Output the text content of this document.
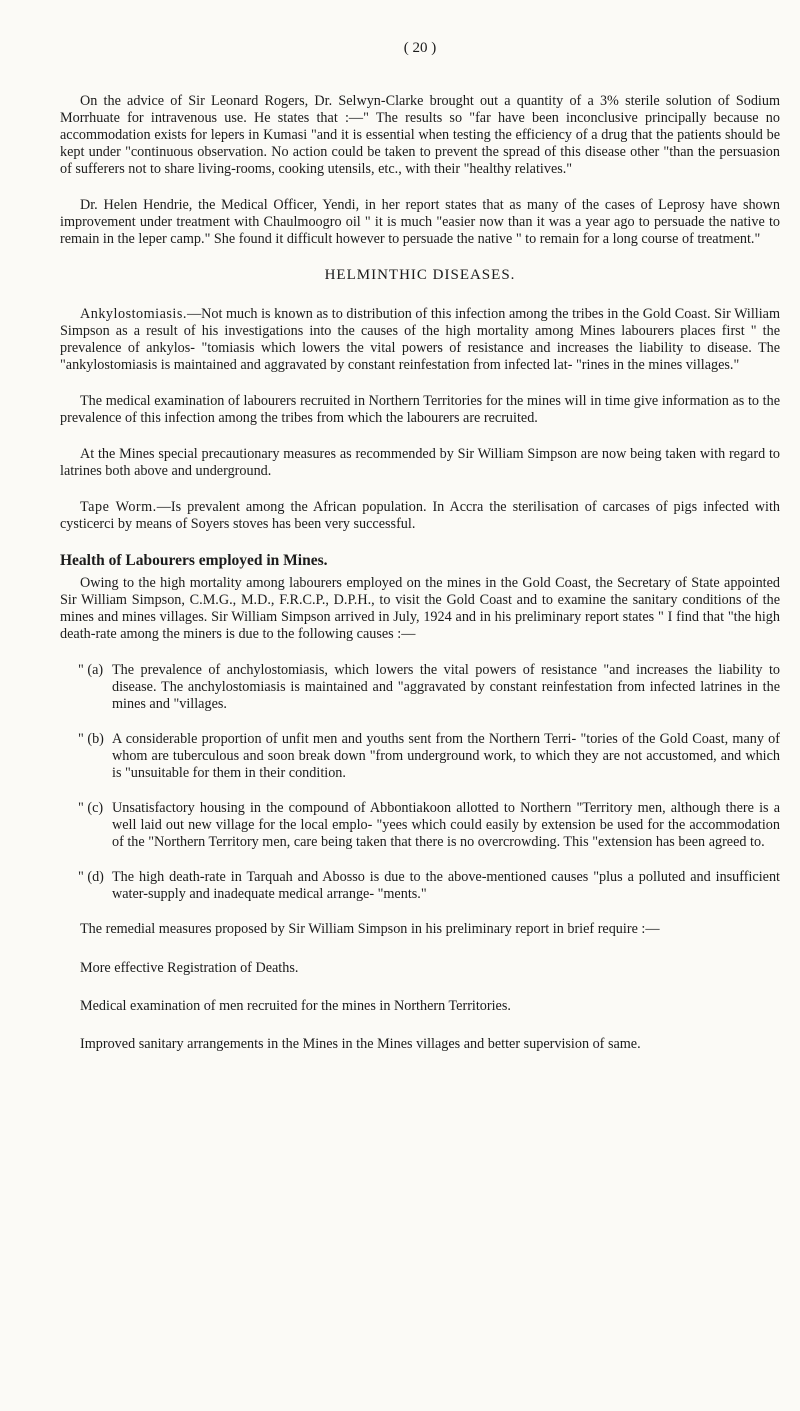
( 20 )

On the advice of Sir Leonard Rogers, Dr. Selwyn-Clarke brought out a quantity of a 3% sterile solution of Sodium Morrhuate for intravenous use. He states that :—" The results so "far have been inconclusive principally because no accommodation exists for lepers in Kumasi "and it is essential when testing the efficiency of a drug that the patients should be kept under "continuous observation. No action could be taken to prevent the spread of this disease other "than the persuasion of sufferers not to share living-rooms, cooking utensils, etc., with their "healthy relatives."

Dr. Helen Hendrie, the Medical Officer, Yendi, in her report states that as many of the cases of Leprosy have shown improvement under treatment with Chaulmoogro oil " it is much "easier now than it was a year ago to persuade the native to remain in the leper camp." She found it difficult however to persuade the native " to remain for a long course of treatment."

HELMINTHIC DISEASES.

Ankylostomiasis.—Not much is known as to distribution of this infection among the tribes in the Gold Coast. Sir William Simpson as a result of his investigations into the causes of the high mortality among Mines labourers places first " the prevalence of ankylos- "tomiasis which lowers the vital powers of resistance and increases the liability to disease. The "ankylostomiasis is maintained and aggravated by constant reinfestation from infected lat- "rines in the mines villages."

The medical examination of labourers recruited in Northern Territories for the mines will in time give information as to the prevalence of this infection among the tribes from which the labourers are recruited.

At the Mines special precautionary measures as recommended by Sir William Simpson are now being taken with regard to latrines both above and underground.

Tape Worm.—Is prevalent among the African population. In Accra the sterilisation of carcases of pigs infected with cysticerci by means of Soyers stoves has been very successful.

Health of Labourers employed in Mines.

Owing to the high mortality among labourers employed on the mines in the Gold Coast, the Secretary of State appointed Sir William Simpson, C.M.G., M.D., F.R.C.P., D.P.H., to visit the Gold Coast and to examine the sanitary conditions of the mines and mines villages. Sir William Simpson arrived in July, 1924 and in his preliminary report states " I find that "the high death-rate among the miners is due to the following causes :—

" (a) The prevalence of anchylostomiasis, which lowers the vital powers of resistance "and increases the liability to disease. The anchylostomiasis is maintained and "aggravated by constant reinfestation from infected latrines in the mines and "villages.
" (b) A considerable proportion of unfit men and youths sent from the Northern Terri- "tories of the Gold Coast, many of whom are tuberculous and soon break down "from underground work, to which they are not accustomed, and which is "unsuitable for them in their condition.
" (c) Unsatisfactory housing in the compound of Abbontiakoon allotted to Northern "Territory men, although there is a well laid out new village for the local emplo- "yees which could easily by extension be used for the accommodation of the "Northern Territory men, care being taken that there is no overcrowding. This "extension has been agreed to.
" (d) The high death-rate in Tarquah and Abosso is due to the above-mentioned causes "plus a polluted and insufficient water-supply and inadequate medical arrange- "ments."

The remedial measures proposed by Sir William Simpson in his preliminary report in brief require :—

More effective Registration of Deaths.

Medical examination of men recruited for the mines in Northern Territories.

Improved sanitary arrangements in the Mines in the Mines villages and better supervision of same.
